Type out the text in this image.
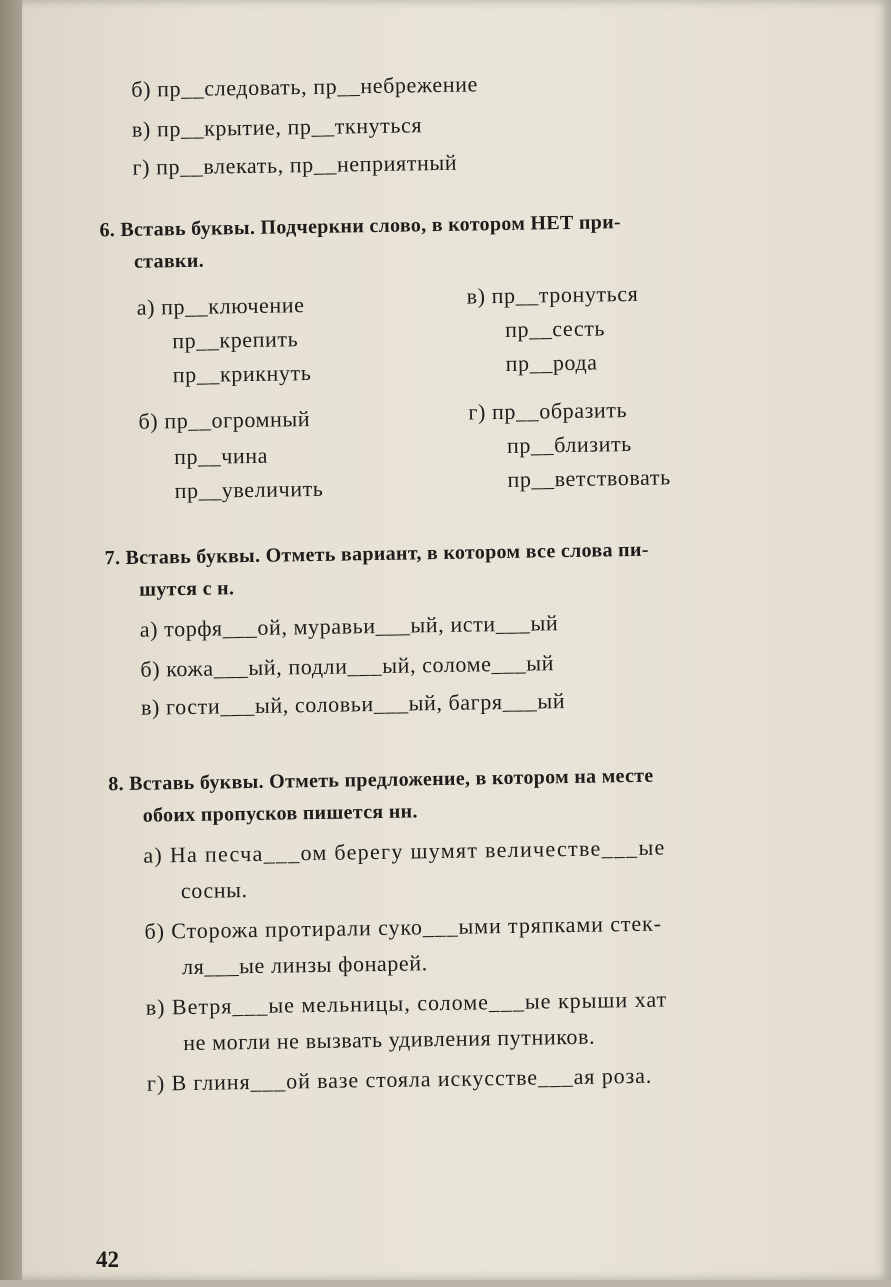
б) пр__следовать, пр__небрежение
в) пр__крытие, пр__ткнуться
г) пр__влекать, пр__неприятный
6. Вставь буквы. Подчеркни слово, в котором НЕТ при-
ставки.
а) пр__ключение
пр__крепить
пр__крикнуть
в) пр__тронуться
пр__сесть
пр__рода
б) пр__огромный
пр__чина
пр__увеличить
г) пр__образить
пр__близить
пр__ветствовать
7. Вставь буквы. Отметь вариант, в котором все слова пи-
шутся с н.
а) торфя___ой, муравьи___ый, исти___ый
б) кожа___ый, подли___ый, соломе___ый
в) гости___ый, соловьи___ый, багря___ый
8. Вставь буквы. Отметь предложение, в котором на месте
обоих пропусков пишется нн.
а) На песча___ом берегу шумят величестве___ые
сосны.
б) Сторожа протирали суко___ыми тряпками стек-
ля___ые линзы фонарей.
в) Ветря___ые мельницы, соломе___ые крыши хат
не могли не вызвать удивления путников.
г) В глиня___ой вазе стояла искусстве___ая роза.
42
